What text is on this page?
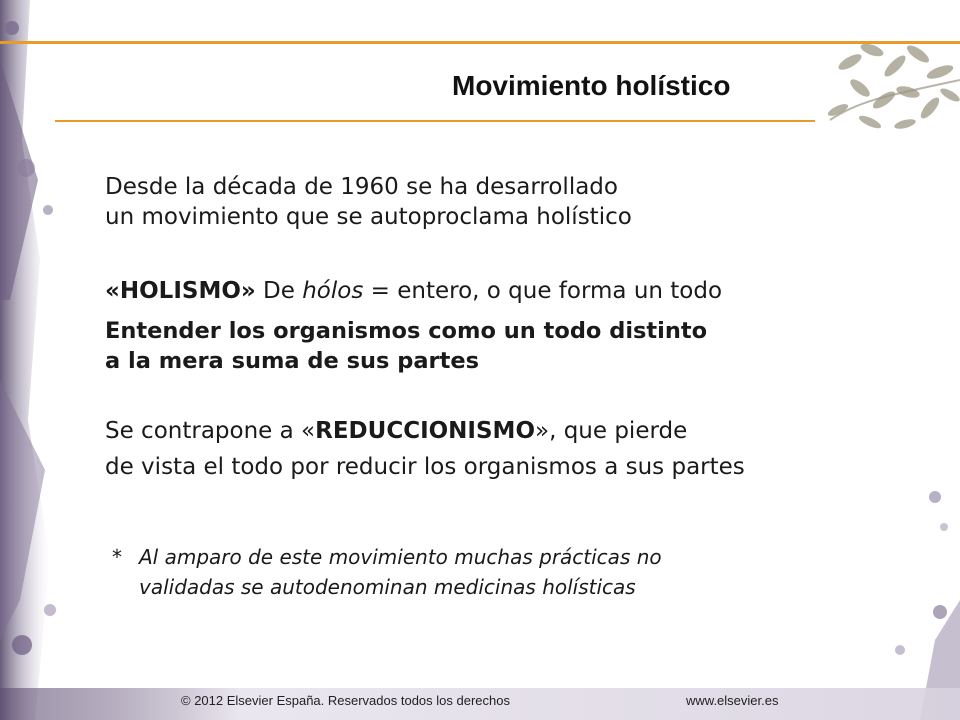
Movimiento holístico
Desde la década de 1960 se ha desarrollado
un movimiento que se autoproclama holístico
«HOLISMO» De hólos = entero, o que forma un todo
Entender los organismos como un todo distinto
a la mera suma de sus partes
Se contrapone a «REDUCCIONISMO», que pierde
de vista el todo por reducir los organismos a sus partes
* Al amparo de este movimiento muchas prácticas no
validadas se autodenominan medicinas holísticas
© 2012 Elsevier España. Reservados todos los derechos	www.elsevier.es
